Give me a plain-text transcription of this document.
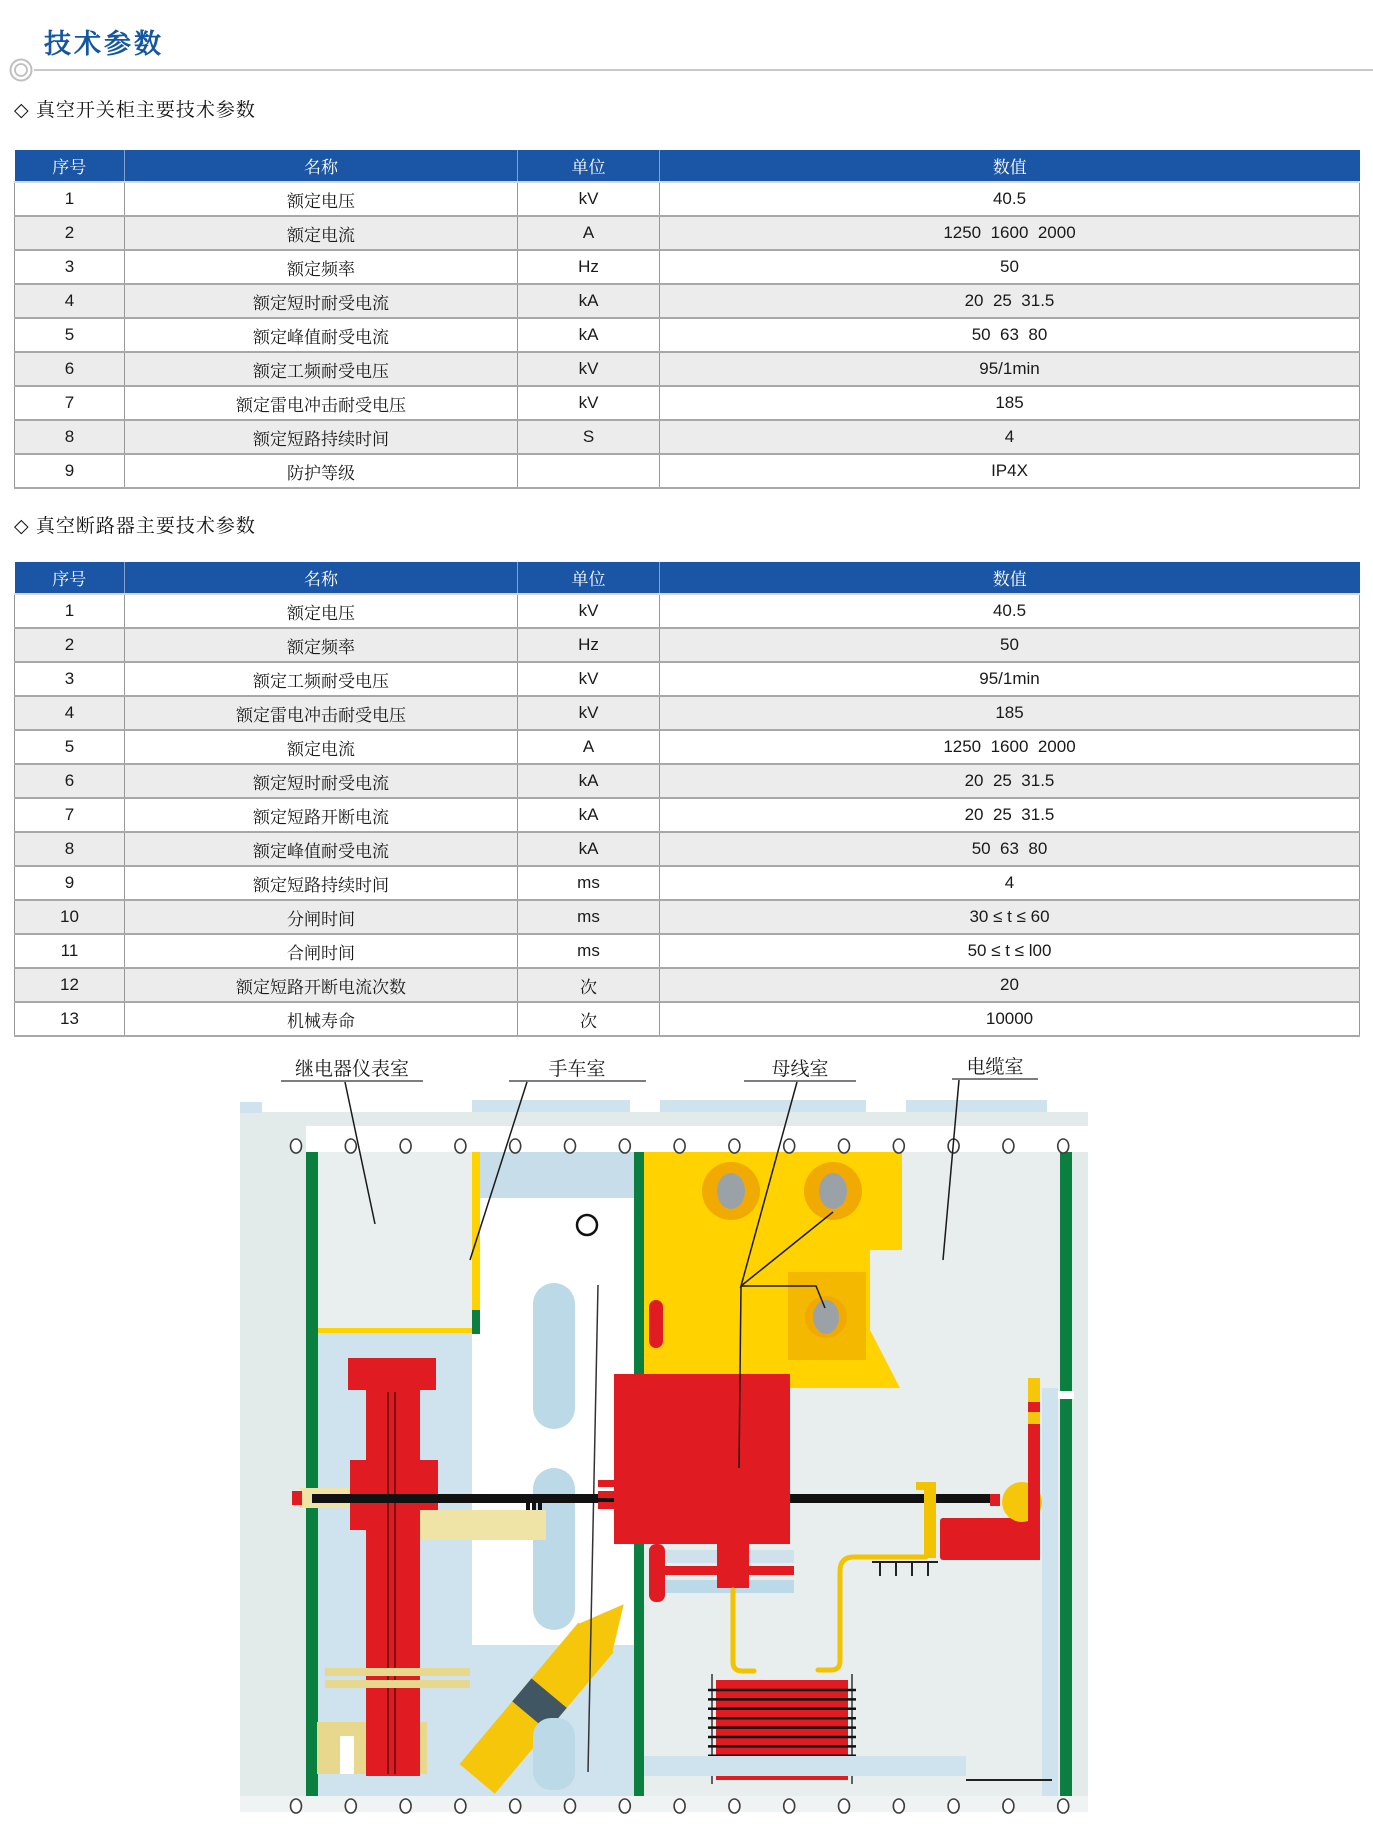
技术参数
◇ 真空开关柜主要技术参数
序号	名称	单位	数值
1	额定电压	kV	40.5
2	额定电流	A	1250  1600  2000
3	额定频率	Hz	50
4	额定短时耐受电流	kA	20  25  31.5
5	额定峰值耐受电流	kA	50  63  80
6	额定工频耐受电压	kV	95/1min
7	额定雷电冲击耐受电压	kV	185
8	额定短路持续时间	S	4
9	防护等级		IP4X
◇ 真空断路器主要技术参数
序号	名称	单位	数值
1	额定电压	kV	40.5
2	额定频率	Hz	50
3	额定工频耐受电压	kV	95/1min
4	额定雷电冲击耐受电压	kV	185
5	额定电流	A	1250  1600  2000
6	额定短时耐受电流	kA	20  25  31.5
7	额定短路开断电流	kA	20  25  31.5
8	额定峰值耐受电流	kA	50  63  80
9	额定短路持续时间	ms	4
10	分闸时间	ms	30 ≤ t ≤ 60
11	合闸时间	ms	50 ≤ t ≤ l00
12	额定短路开断电流次数	次	20
13	机械寿命	次	10000
继电器仪表室	手车室	母线室	电缆室
